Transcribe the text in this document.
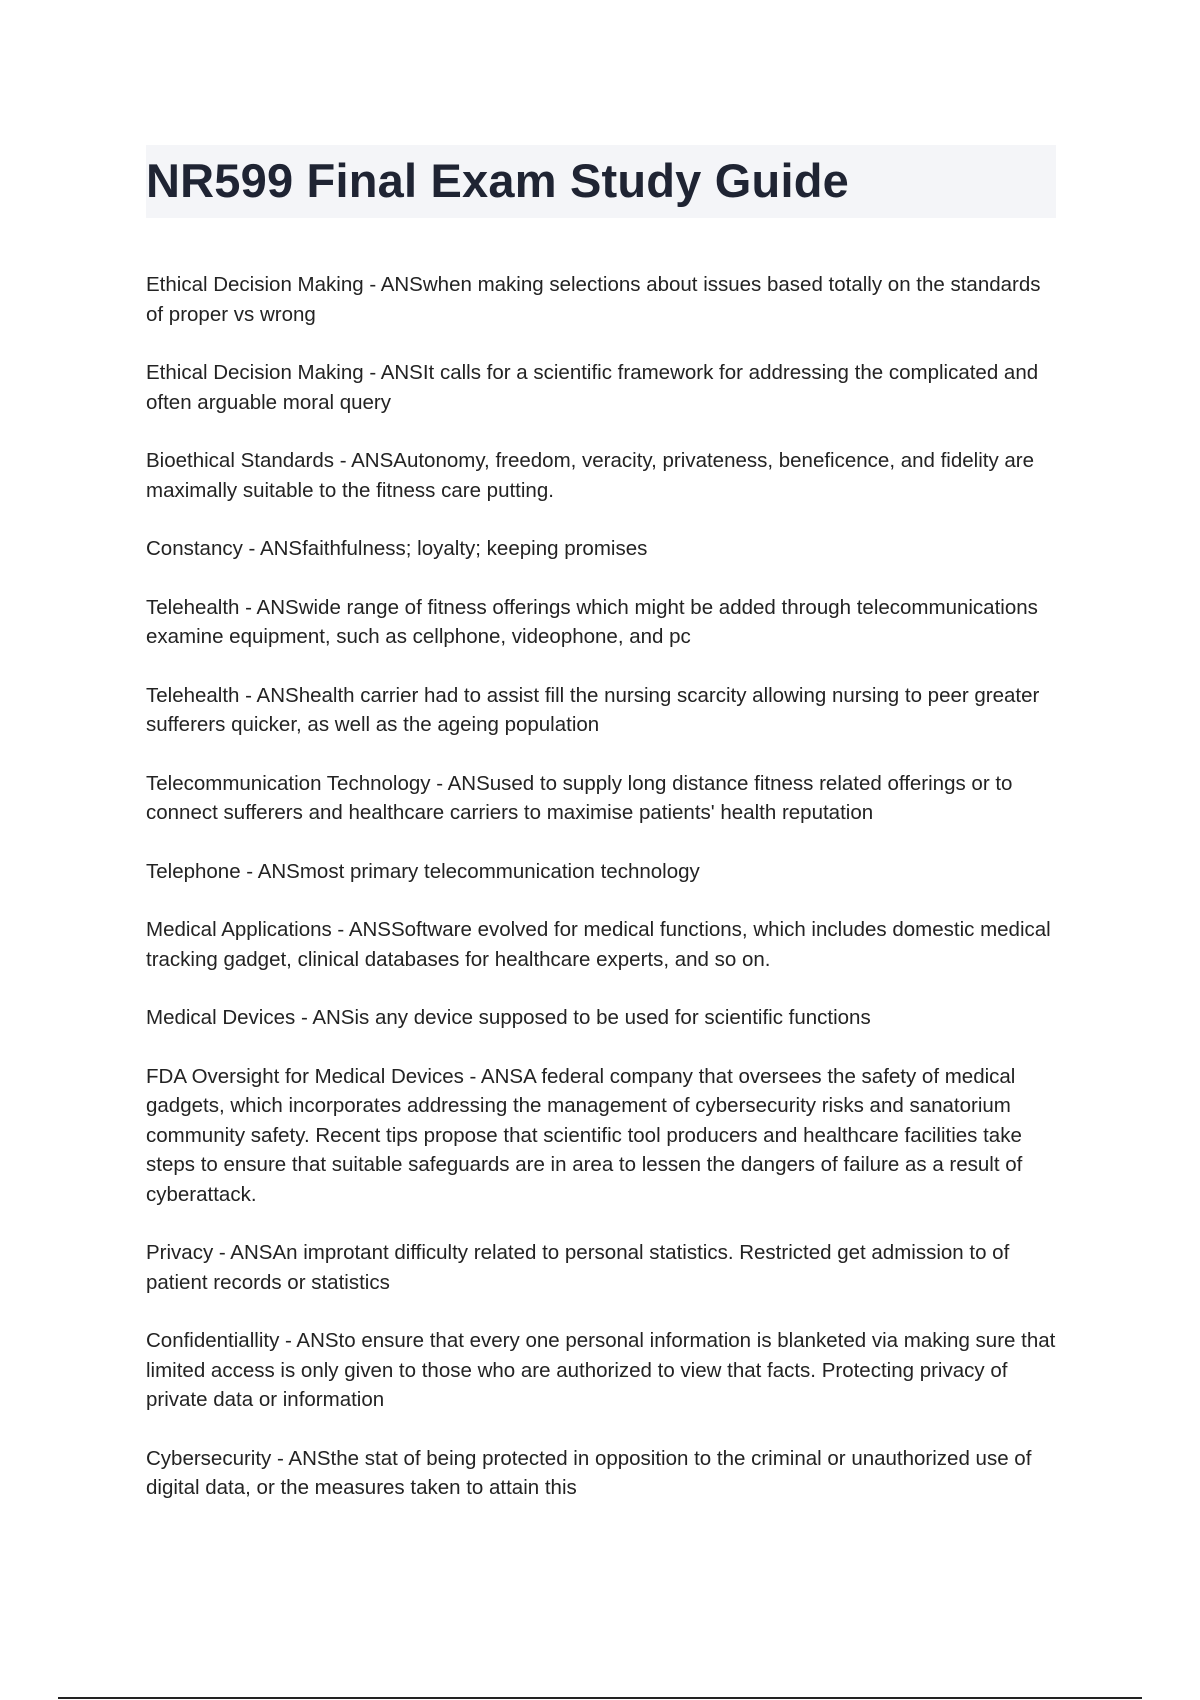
NR599 Final Exam Study Guide

Ethical Decision Making - ANSwhen making selections about issues based totally on the standards of proper vs wrong

Ethical Decision Making - ANSIt calls for a scientific framework for addressing the complicated and often arguable moral query

Bioethical Standards - ANSAutonomy, freedom, veracity, privateness, beneficence, and fidelity are maximally suitable to the fitness care putting.

Constancy - ANSfaithfulness; loyalty; keeping promises

Telehealth - ANSwide range of fitness offerings which might be added through telecommunications examine equipment, such as cellphone, videophone, and pc

Telehealth - ANShealth carrier had to assist fill the nursing scarcity allowing nursing to peer greater sufferers quicker, as well as the ageing population

Telecommunication Technology - ANSused to supply long distance fitness related offerings or to connect sufferers and healthcare carriers to maximise patients' health reputation

Telephone - ANSmost primary telecommunication technology

Medical Applications - ANSSoftware evolved for medical functions, which includes domestic medical tracking gadget, clinical databases for healthcare experts, and so on.

Medical Devices - ANSis any device supposed to be used for scientific functions

FDA Oversight for Medical Devices - ANSA federal company that oversees the safety of medical gadgets, which incorporates addressing the management of cybersecurity risks and sanatorium community safety. Recent tips propose that scientific tool producers and healthcare facilities take steps to ensure that suitable safeguards are in area to lessen the dangers of failure as a result of cyberattack.

Privacy - ANSAn improtant difficulty related to personal statistics. Restricted get admission to of patient records or statistics

Confidentiallity - ANSto ensure that every one personal information is blanketed via making sure that limited access is only given to those who are authorized to view that facts. Protecting privacy of private data or information

Cybersecurity - ANSthe stat of being protected in opposition to the criminal or unauthorized use of digital data, or the measures taken to attain this
